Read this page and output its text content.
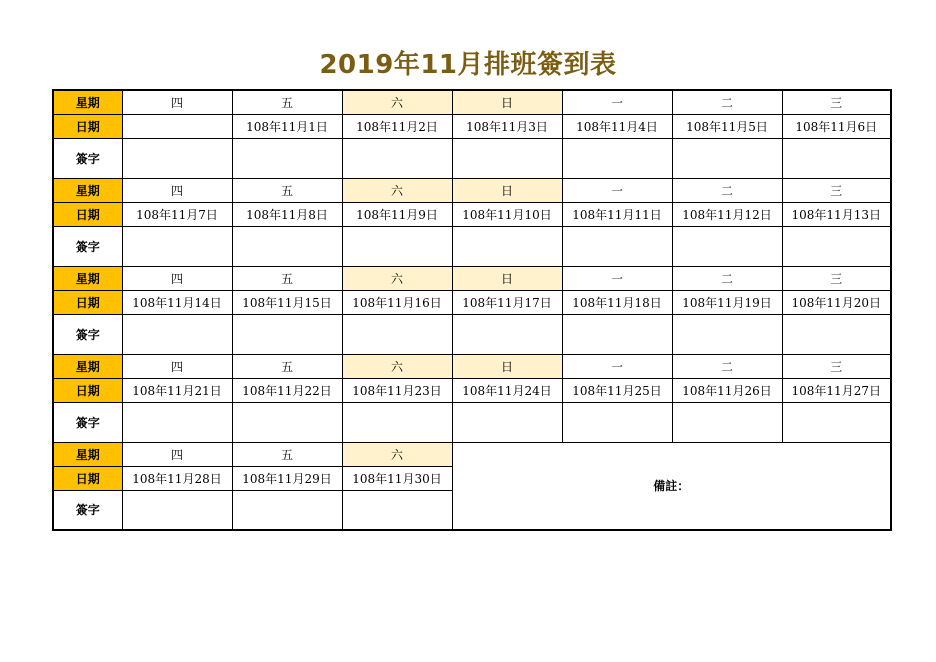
2019年11月排班簽到表
星期	四	五	六	日	一	二	三
日期		108年11月1日	108年11月2日	108年11月3日	108年11月4日	108年11月5日	108年11月6日
簽字							
星期	四	五	六	日	一	二	三
日期	108年11月7日	108年11月8日	108年11月9日	108年11月10日	108年11月11日	108年11月12日	108年11月13日
簽字							
星期	四	五	六	日	一	二	三
日期	108年11月14日	108年11月15日	108年11月16日	108年11月17日	108年11月18日	108年11月19日	108年11月20日
簽字							
星期	四	五	六	日	一	二	三
日期	108年11月21日	108年11月22日	108年11月23日	108年11月24日	108年11月25日	108年11月26日	108年11月27日
簽字							
星期	四	五	六	備註：			
日期	108年11月28日	108年11月29日	108年11月30日				
簽字							
